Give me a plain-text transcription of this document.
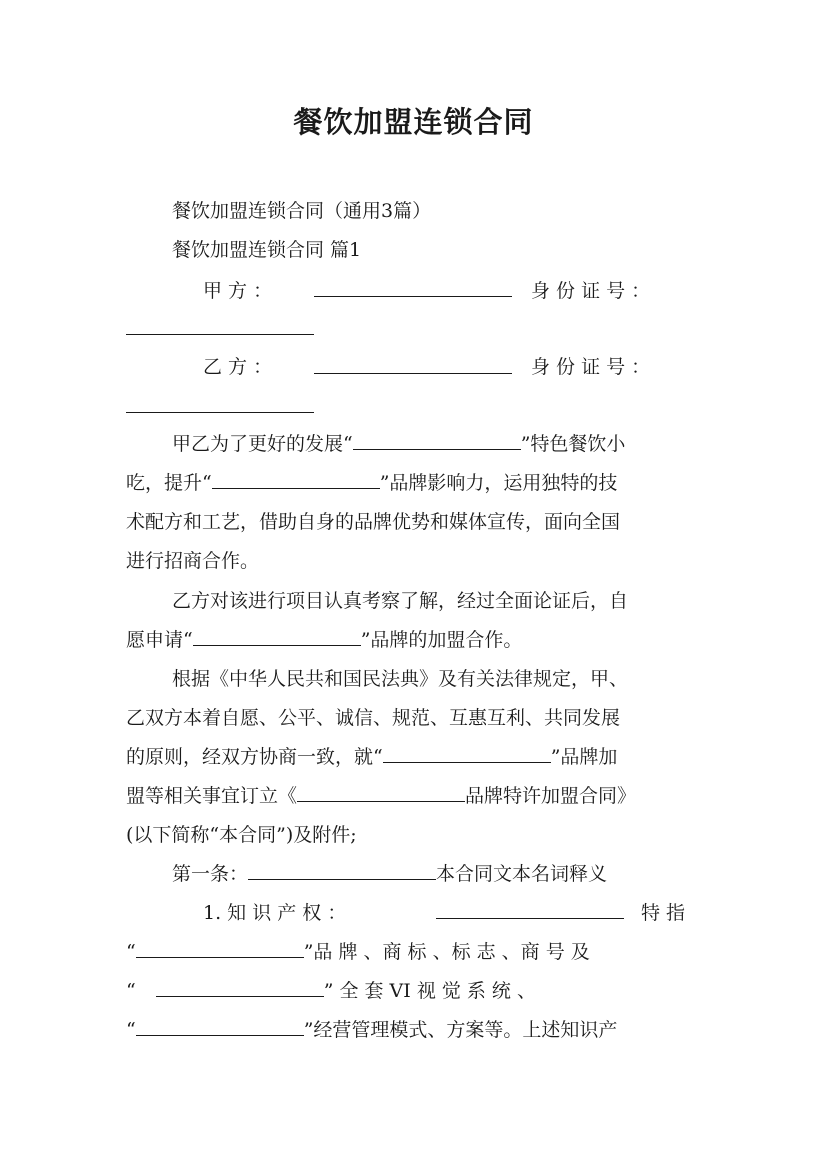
餐饮加盟连锁合同
餐饮加盟连锁合同（通用3篇）
餐饮加盟连锁合同 篇1
甲 方 ：	身 份 证 号 ：
乙 方 ：	身 份 证 号 ：
甲乙为了更好的发展“	”特色餐饮小
吃，提升“	”品牌影响力，运用独特的技
术配方和工艺，借助自身的品牌优势和媒体宣传，面向全国
进行招商合作。
乙方对该进行项目认真考察了解，经过全面论证后，自
愿申请“	”品牌的加盟合作。
根据《中华人民共和国民法典》及有关法律规定，甲、
乙双方本着自愿、公平、诚信、规范、互惠互利、共同发展
的原则，经双方协商一致，就“	”品牌加
盟等相关事宜订立《	品牌特许加盟合同》
(以下简称“本合同”)及附件;
第一条：	本合同文本名词释义
1. 知 识 产 权 ：	特 指
“	”品 牌 、商 标 、标 志 、商 号 及
“	” 全 套 VI 视 觉 系 统 、
“	”经营管理模式、方案等。上述知识产
